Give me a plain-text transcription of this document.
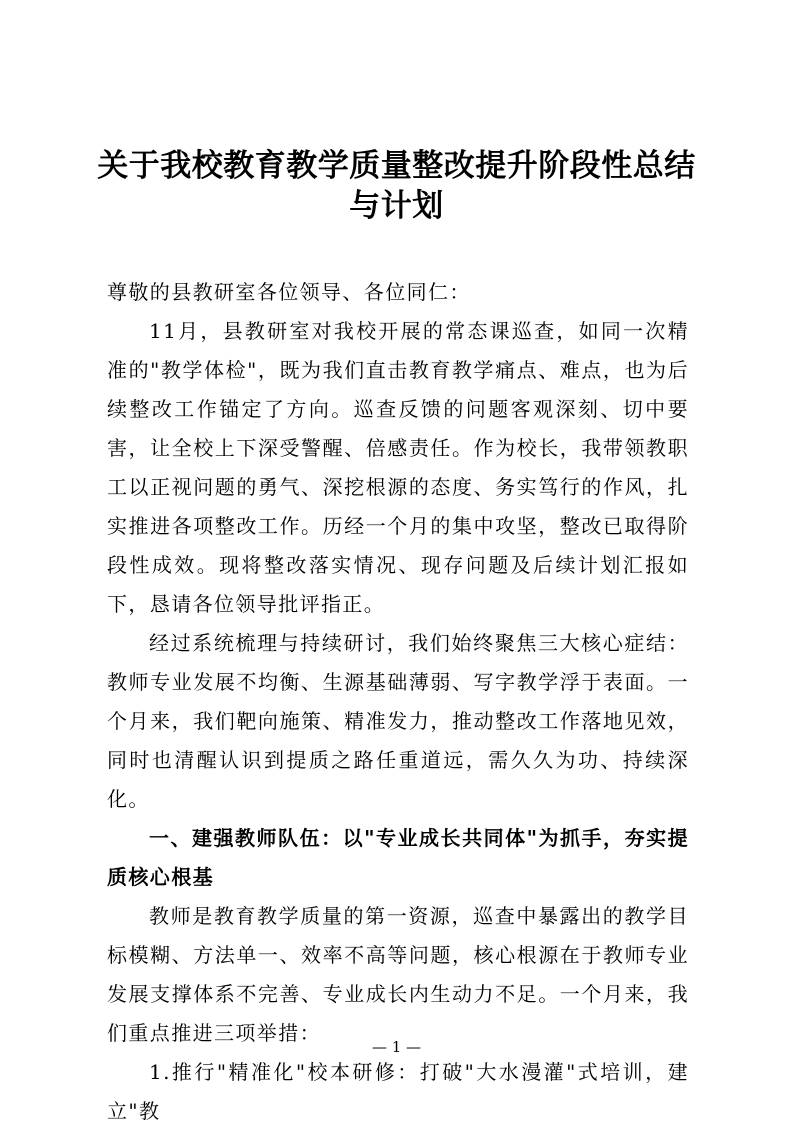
关于我校教育教学质量整改提升阶段性总结与计划

尊敬的县教研室各位领导、各位同仁：

11月，县教研室对我校开展的常态课巡查，如同一次精准的"教学体检"，既为我们直击教育教学痛点、难点，也为后续整改工作锚定了方向。巡查反馈的问题客观深刻、切中要害，让全校上下深受警醒、倍感责任。作为校长，我带领教职工以正视问题的勇气、深挖根源的态度、务实笃行的作风，扎实推进各项整改工作。历经一个月的集中攻坚，整改已取得阶段性成效。现将整改落实情况、现存问题及后续计划汇报如下，恳请各位领导批评指正。

经过系统梳理与持续研讨，我们始终聚焦三大核心症结：教师专业发展不均衡、生源基础薄弱、写字教学浮于表面。一个月来，我们靶向施策、精准发力，推动整改工作落地见效，同时也清醒认识到提质之路任重道远，需久久为功、持续深化。

一、建强教师队伍：以"专业成长共同体"为抓手，夯实提质核心根基

教师是教育教学质量的第一资源，巡查中暴露出的教学目标模糊、方法单一、效率不高等问题，核心根源在于教师专业发展支撑体系不完善、专业成长内生动力不足。一个月来，我们重点推进三项举措：

1.推行"精准化"校本研修：打破"大水漫灌"式培训，建立"教

— 1 —
